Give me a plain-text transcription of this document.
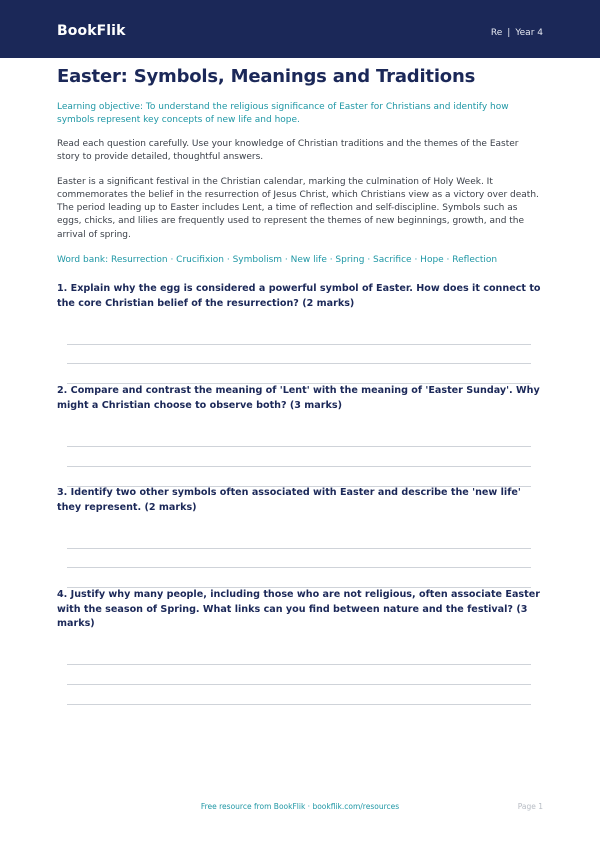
BookFlik	Re | Year 4
Easter: Symbols, Meanings and Traditions

Learning objective: To understand the religious significance of Easter for Christians and identify how symbols represent key concepts of new life and hope.

Read each question carefully. Use your knowledge of Christian traditions and the themes of the Easter story to provide detailed, thoughtful answers.

Easter is a significant festival in the Christian calendar, marking the culmination of Holy Week. It commemorates the belief in the resurrection of Jesus Christ, which Christians view as a victory over death. The period leading up to Easter includes Lent, a time of reflection and self-discipline. Symbols such as eggs, chicks, and lilies are frequently used to represent the themes of new beginnings, growth, and the arrival of spring.

Word bank: Resurrection · Crucifixion · Symbolism · New life · Spring · Sacrifice · Hope · Reflection

1. Explain why the egg is considered a powerful symbol of Easter. How does it connect to the core Christian belief of the resurrection? (2 marks)

2. Compare and contrast the meaning of 'Lent' with the meaning of 'Easter Sunday'. Why might a Christian choose to observe both? (3 marks)

3. Identify two other symbols often associated with Easter and describe the 'new life' they represent. (2 marks)

4. Justify why many people, including those who are not religious, often associate Easter with the season of Spring. What links can you find between nature and the festival? (3 marks)

Free resource from BookFlik · bookflik.com/resources	Page 1
